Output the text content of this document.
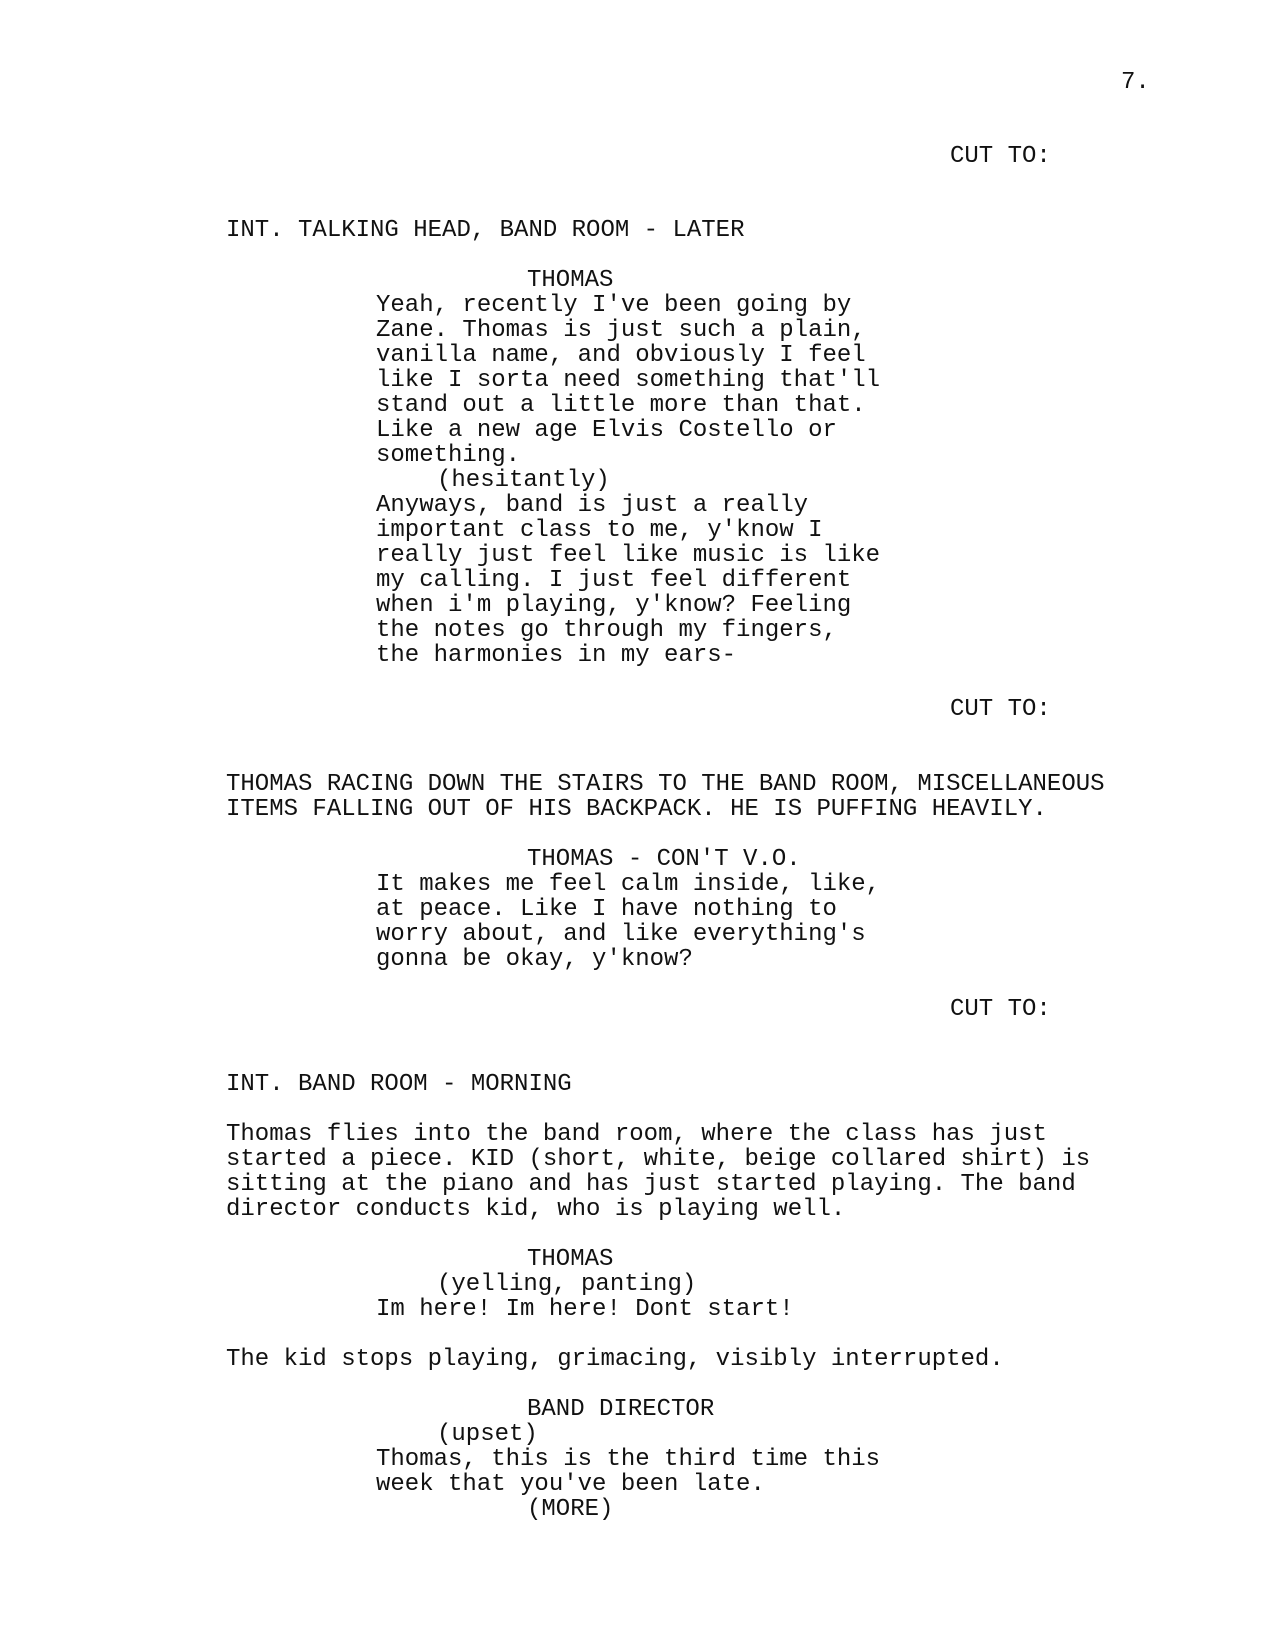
7.
CUT TO:
INT. TALKING HEAD, BAND ROOM - LATER
THOMAS
Yeah, recently I've been going by
Zane. Thomas is just such a plain,
vanilla name, and obviously I feel
like I sorta need something that'll
stand out a little more than that.
Like a new age Elvis Costello or
something.
(hesitantly)
Anyways, band is just a really
important class to me, y'know I
really just feel like music is like
my calling. I just feel different
when i'm playing, y'know? Feeling
the notes go through my fingers,
the harmonies in my ears-
CUT TO:
THOMAS RACING DOWN THE STAIRS TO THE BAND ROOM, MISCELLANEOUS
ITEMS FALLING OUT OF HIS BACKPACK. HE IS PUFFING HEAVILY.
THOMAS - CON'T V.O.
It makes me feel calm inside, like,
at peace. Like I have nothing to
worry about, and like everything's
gonna be okay, y'know?
CUT TO:
INT. BAND ROOM - MORNING
Thomas flies into the band room, where the class has just
started a piece. KID (short, white, beige collared shirt) is
sitting at the piano and has just started playing. The band
director conducts kid, who is playing well.
THOMAS
(yelling, panting)
Im here! Im here! Dont start!
The kid stops playing, grimacing, visibly interrupted.
BAND DIRECTOR
(upset)
Thomas, this is the third time this
week that you've been late.
(MORE)
